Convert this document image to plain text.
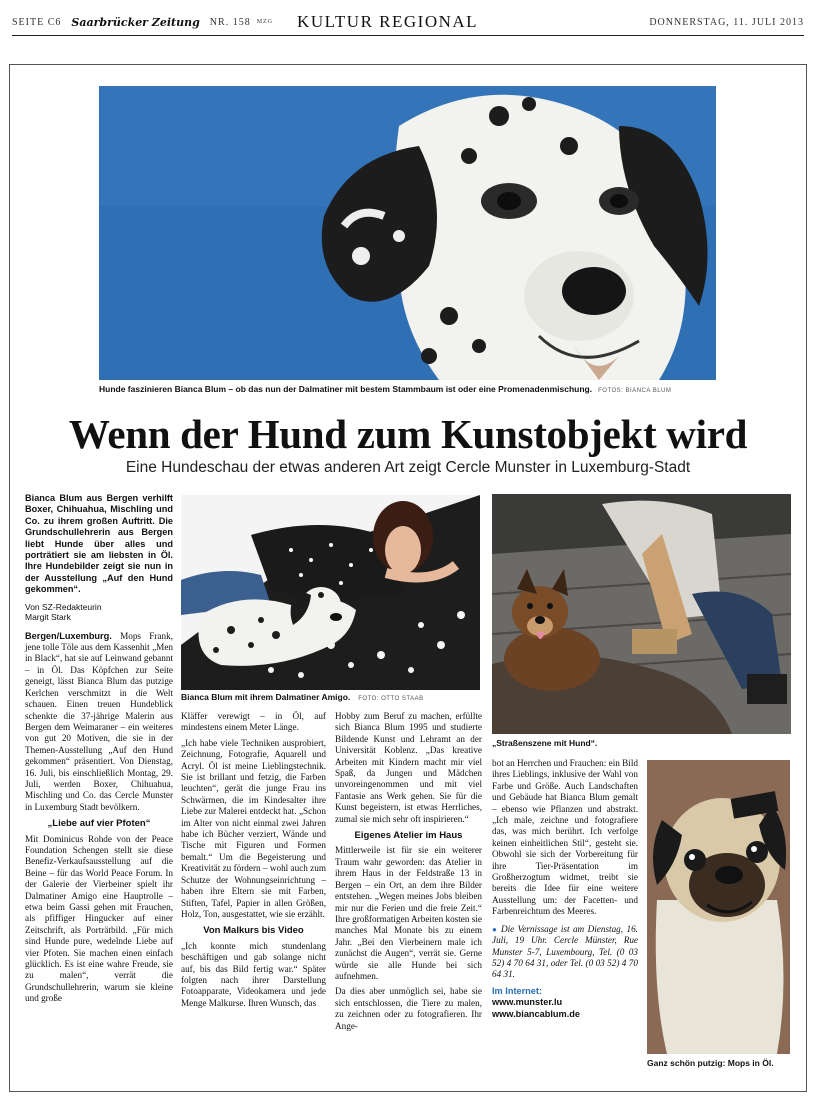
SEITE C6 Saarbrücker Zeitung NR. 158 MZG KULTUR REGIONAL	DONNERSTAG, 11. JULI 2013
Hunde faszinieren Bianca Blum – ob das nun der Dalmatiner mit bestem Stammbaum ist oder eine Promenadenmischung. FOTOS: BIANCA BLUM
Wenn der Hund zum Kunstobjekt wird
Eine Hundeschau der etwas anderen Art zeigt Cercle Munster in Luxemburg-Stadt

Bianca Blum aus Bergen verhilft Boxer, Chihuahua, Mischling und Co. zu ihrem großen Auftritt. Die Grundschullehrerin aus Bergen liebt Hunde über alles und porträtiert sie am liebsten in Öl. Ihre Hundebilder zeigt sie nun in der Ausstellung „Auf den Hund gekommen“.

Von SZ-Redakteurin
Margit Stark

Bergen/Luxemburg. Mops Frank, jene tolle Töle aus dem Kassenhit „Men in Black“, hat sie auf Leinwand gebannt – in Öl. Das Köpfchen zur Seite geneigt, lässt Bianca Blum das putzige Kerlchen verschmitzt in die Welt schauen. Einen treuen Hundeblick schenkte die 37-jährige Malerin aus Bergen dem Weimaraner – ein weiteres von gut 20 Motiven, die sie in der Themen-Ausstellung „Auf den Hund gekommen“ präsentiert. Von Dienstag, 16. Juli, bis einschließlich Montag, 29. Juli, werden Boxer, Chihuahua, Mischling und Co. das Cercle Munster in Luxemburg Stadt bevölkern.

„Liebe auf vier Pfoten“

Mit Dominicus Rohde von der Peace Foundation Schengen stellt sie diese Benefiz-Verkaufsausstellung auf die Beine – für das World Peace Forum. In der Galerie der Vierbeiner spielt ihr Dalmatiner Amigo eine Hauptrolle – etwa beim Gassi gehen mit Frauchen, als pfiffiger Hingucker auf einer Zeitschrift, als Porträtbild. „Für mich sind Hunde pure, wedelnde Liebe auf vier Pfoten. Sie machen einen einfach glücklich. Es ist eine wahre Freude, sie zu malen“, verrät die Grundschullehrerin, warum sie kleine und große

Bianca Blum mit ihrem Dalmatiner Amigo. FOTO: OTTO STAAB

Kläffer verewigt – in Öl, auf mindestens einem Meter Länge.

„Ich habe viele Techniken ausprobiert, Zeichnung, Fotografie, Aquarell und Acryl. Öl ist meine Lieblingstechnik. Sie ist brillant und fetzig, die Farben leuchten“, gerät die junge Frau ins Schwärmen, die im Kindesalter ihre Liebe zur Malerei entdeckt hat. „Schon im Alter von nicht einmal zwei Jahren habe ich Bücher verziert, Wände und Tische mit Figuren und Formen bemalt.“ Um die Begeisterung und Kreativität zu fördern – wohl auch zum Schutze der Wohnungseinrichtung – haben ihre Eltern sie mit Farben, Stiften, Tafel, Papier in allen Größen, Holz, Ton, ausgestattet, wie sie erzählt.

Von Malkurs bis Video

„Ich konnte mich stundenlang beschäftigen und gab solange nicht auf, bis das Bild fertig war.“ Später folgten nach ihrer Darstellung Fotoapparate, Videokamera und jede Menge Malkurse. Ihren Wunsch, das

Hobby zum Beruf zu machen, erfüllte sich Bianca Blum 1995 und studierte Bildende Kunst und Lehramt an der Universität Koblenz. „Das kreative Arbeiten mit Kindern macht mir viel Spaß, da Jungen und Mädchen unvoreingenommen und mit viel Fantasie ans Werk gehen. Sie für die Kunst begeistern, ist etwas Herrliches, zumal sie mich sehr oft inspirieren.“

Eigenes Atelier im Haus

Mittlerweile ist für sie ein weiterer Traum wahr geworden: das Atelier in ihrem Haus in der Feldstraße 13 in Bergen – ein Ort, an dem ihre Bilder entstehen. „Wegen meines Jobs bleiben mir nur die Ferien und die freie Zeit.“ Ihre großformatigen Arbeiten kosten sie manches Mal Monate bis zu einem Jahr. „Bei den Vierbeinern male ich zunächst die Augen“, verrät sie. Gerne würde sie alle Hunde bei sich aufnehmen.

Da dies aber unmöglich sei, habe sie sich entschlossen, die Tiere zu malen, zu zeichnen oder zu fotografieren. Ihr Ange-

„Straßenszene mit Hund“.

bot an Herrchen und Frauchen: ein Bild ihres Lieblings, inklusive der Wahl von Farbe und Größe. Auch Landschaften und Gebäude hat Bianca Blum gemalt – ebenso wie Pflanzen und abstrakt. „Ich male, zeichne und fotografiere das, was mich berührt. Ich verfolge keinen einheitlichen Stil“, gesteht sie. Obwohl sie sich der Vorbereitung für ihre Tier-Präsentation im Großherzogtum widmet, treibt sie bereits die Idee für eine weitere Ausstellung um: der Facetten- und Farbenreichtum des Meeres.

● Die Vernissage ist am Dienstag, 16. Juli, 19 Uhr. Cercle Münster, Rue Munster 5-7, Luxembourg, Tel. (0 03 52) 4 70 64 31, oder Tel. (0 03 52) 4 70 64 31.

Im Internet:
www.munster.lu
www.biancablum.de
Ganz schön putzig: Mops in Öl.
